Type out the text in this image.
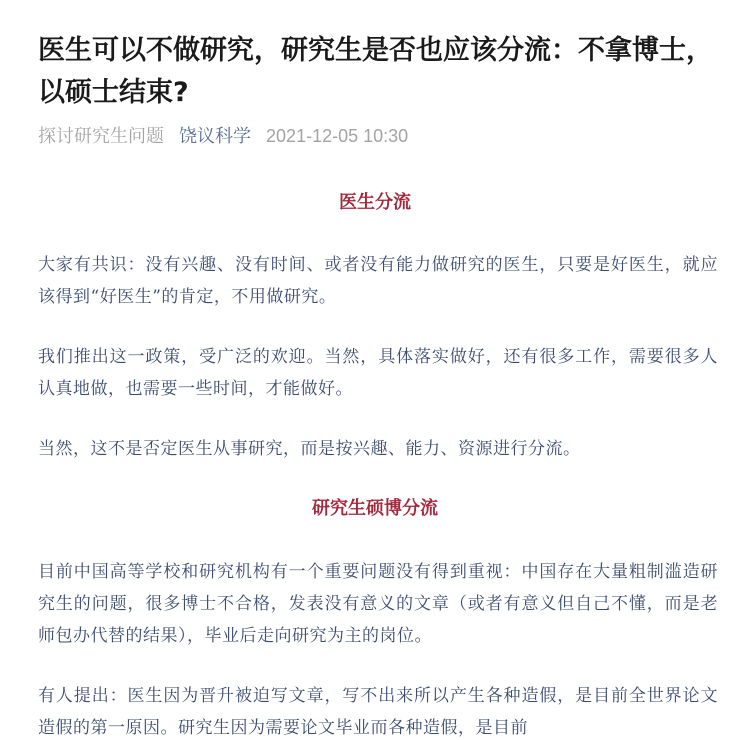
医生可以不做研究，研究生是否也应该分流：不拿博士，以硕士结束?
探讨研究生问题 饶议科学 2021-12-05 10:30
医生分流

大家有共识：没有兴趣、没有时间、或者没有能力做研究的医生，只要是好医生，就应该得到“好医生”的肯定，不用做研究。

我们推出这一政策，受广泛的欢迎。当然，具体落实做好，还有很多工作，需要很多人认真地做，也需要一些时间，才能做好。

当然，这不是否定医生从事研究，而是按兴趣、能力、资源进行分流。

研究生硕博分流

目前中国高等学校和研究机构有一个重要问题没有得到重视：中国存在大量粗制滥造研究生的问题，很多博士不合格，发表没有意义的文章（或者有意义但自己不懂，而是老师包办代替的结果），毕业后走向研究为主的岗位。

有人提出：医生因为晋升被迫写文章，写不出来所以产生各种造假，是目前全世界论文造假的第一原因。研究生因为需要论文毕业而各种造假，是目前
